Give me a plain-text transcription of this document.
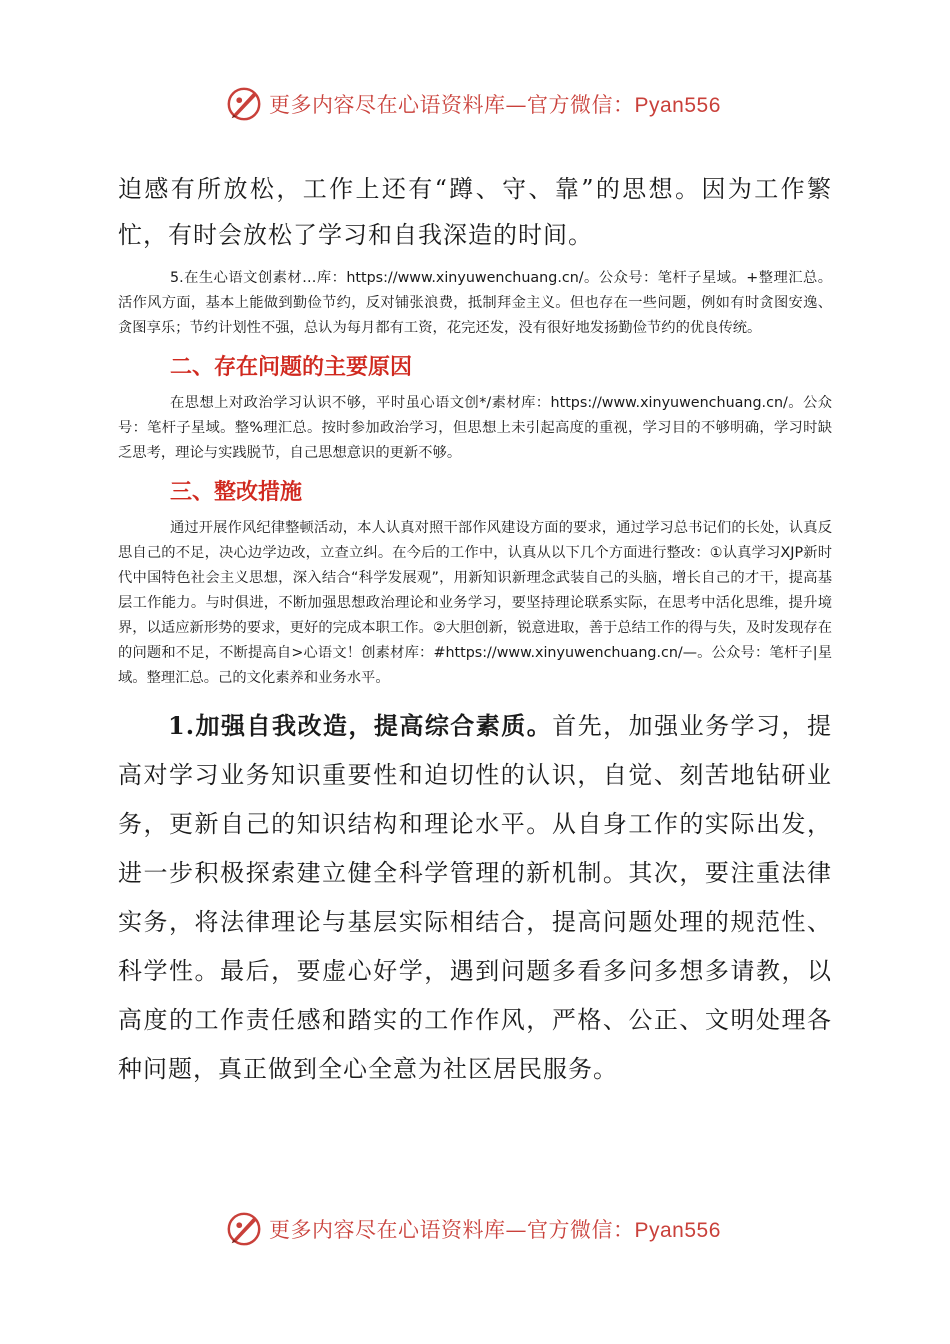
更多内容尽在心语资料库—官方微信：Pyan556

迫感有所放松，工作上还有“蹲、守、靠”的思想。因为工作繁忙，有时会放松了学习和自我深造的时间。

5.在生心语文创素材…库：https://www.xinyuwenchuang.cn/。公众号：笔杆子星域。+整理汇总。活作风方面，基本上能做到勤俭节约，反对铺张浪费，抵制拜金主义。但也存在一些问题，例如有时贪图安逸、贪图享乐；节约计划性不强，总认为每月都有工资，花完还发，没有很好地发扬勤俭节约的优良传统。

二、存在问题的主要原因

在思想上对政治学习认识不够，平时虽心语文创*/素材库：https://www.xinyuwenchuang.cn/。公众号：笔杆子星域。整%理汇总。按时参加政治学习，但思想上未引起高度的重视，学习目的不够明确，学习时缺乏思考，理论与实践脱节，自己思想意识的更新不够。

三、整改措施

通过开展作风纪律整顿活动，本人认真对照干部作风建设方面的要求，通过学习总书记们的长处，认真反思自己的不足，决心边学边改，立查立纠。在今后的工作中，认真从以下几个方面进行整改：①认真学习XJP新时代中国特色社会主义思想，深入结合“科学发展观”，用新知识新理念武装自己的头脑，增长自己的才干，提高基层工作能力。与时俱进，不断加强思想政治理论和业务学习，要坚持理论联系实际，在思考中活化思维，提升境界，以适应新形势的要求，更好的完成本职工作。②大胆创新，锐意进取，善于总结工作的得与失，及时发现存在的问题和不足，不断提高自>心语文！创素材库：#https://www.xinyuwenchuang.cn/—。公众号：笔杆子|星域。整理汇总。己的文化素养和业务水平。

1.加强自我改造，提高综合素质。首先，加强业务学习，提高对学习业务知识重要性和迫切性的认识，自觉、刻苦地钻研业务，更新自己的知识结构和理论水平。从自身工作的实际出发，进一步积极探索建立健全科学管理的新机制。其次，要注重法律实务，将法律理论与基层实际相结合，提高问题处理的规范性、科学性。最后，要虚心好学，遇到问题多看多问多想多请教，以高度的工作责任感和踏实的工作作风，严格、公正、文明处理各种问题，真正做到全心全意为社区居民服务。

更多内容尽在心语资料库—官方微信：Pyan556
